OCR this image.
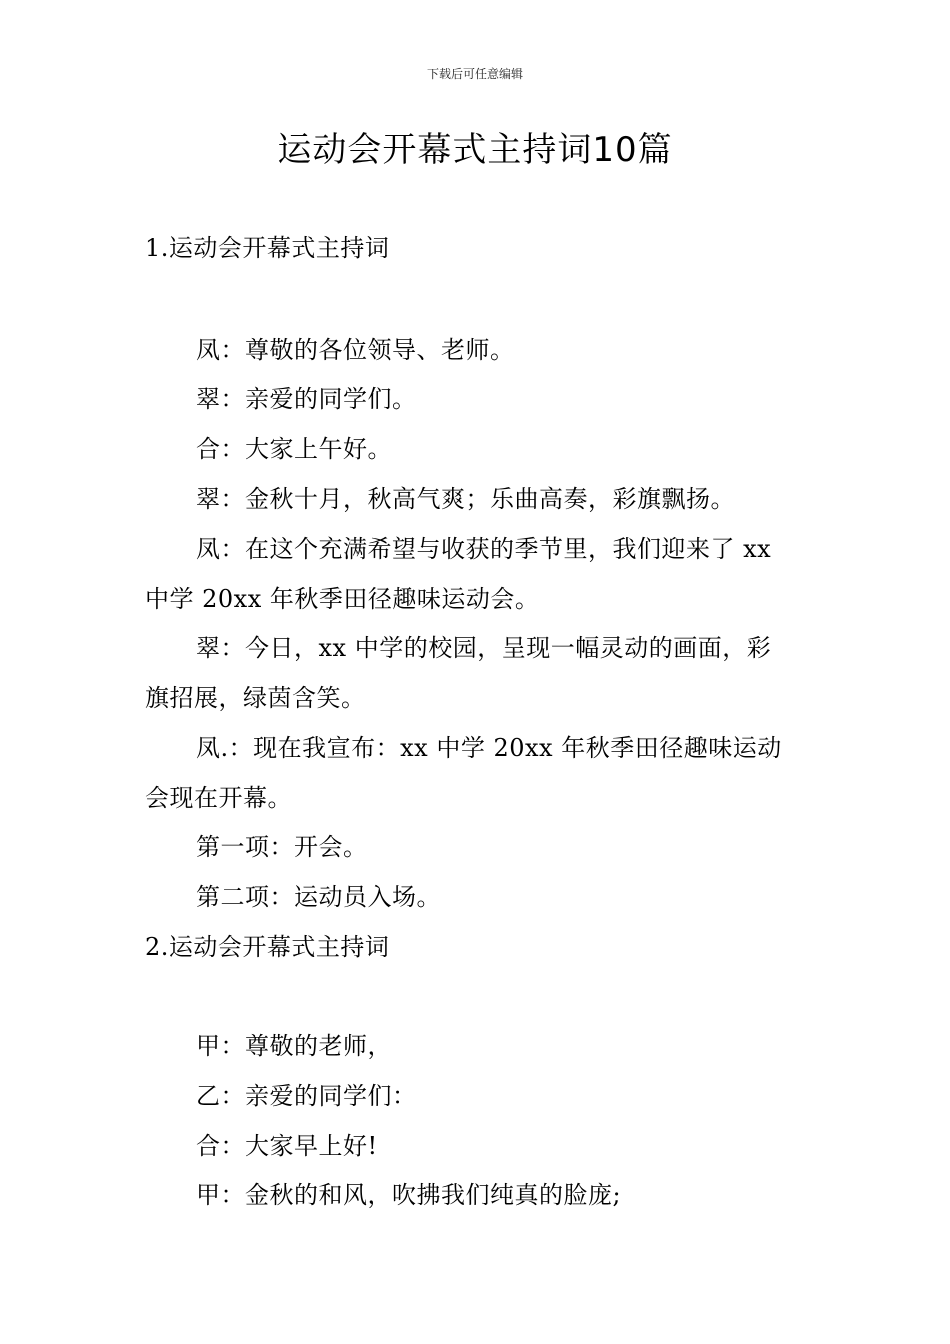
下载后可任意编辑
运动会开幕式主持词10篇
1.运动会开幕式主持词
凤：尊敬的各位领导、老师。
翠：亲爱的同学们。
合：大家上午好。
翠：金秋十月，秋高气爽；乐曲高奏，彩旗飘扬。
凤：在这个充满希望与收获的季节里，我们迎来了 xx
中学 20xx 年秋季田径趣味运动会。
翠：今日，xx 中学的校园，呈现一幅灵动的画面，彩
旗招展，绿茵含笑。
凤.：现在我宣布：xx 中学 20xx 年秋季田径趣味运动
会现在开幕。
第一项：开会。
第二项：运动员入场。
2.运动会开幕式主持词
甲：尊敬的老师，
乙：亲爱的同学们：
合：大家早上好!
甲：金秋的和风，吹拂我们纯真的脸庞;
